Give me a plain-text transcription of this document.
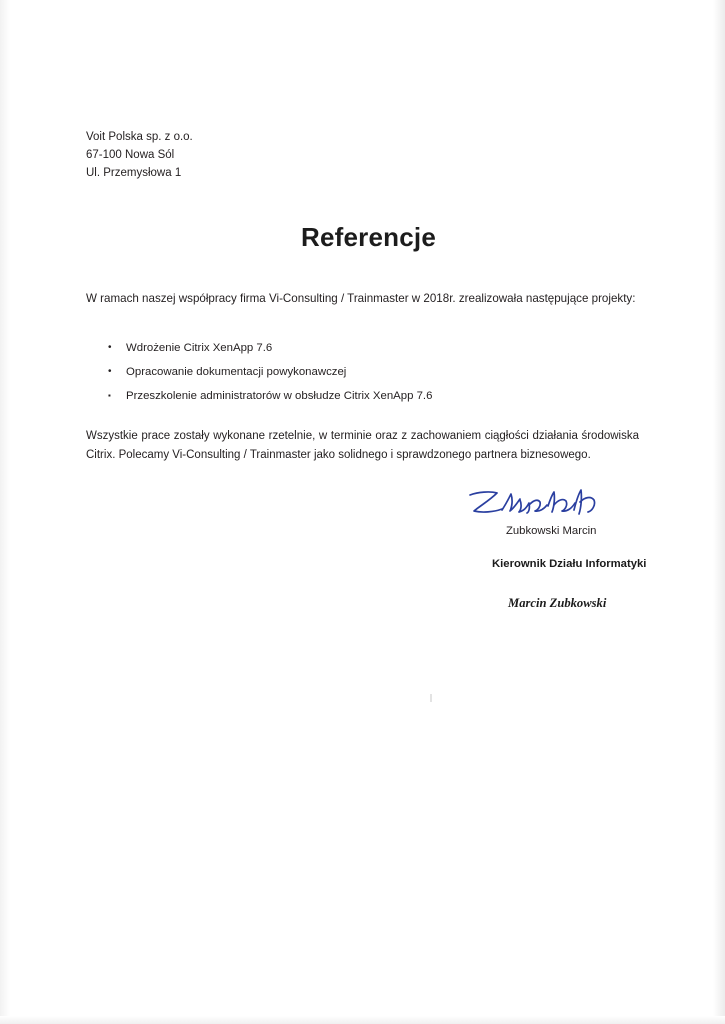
Voit Polska sp. z o.o.
67-100 Nowa Sól
Ul. Przemysłowa 1
Referencje
W ramach naszej współpracy firma Vi-Consulting / Trainmaster w 2018r. zrealizowała następujące projekty:
• Wdrożenie Citrix XenApp 7.6
• Opracowanie dokumentacji powykonawczej
▪ Przeszkolenie administratorów w obsłudze Citrix XenApp 7.6
Wszystkie prace zostały wykonane rzetelnie, w terminie oraz z zachowaniem ciągłości działania środowiska Citrix. Polecamy Vi-Consulting / Trainmaster jako solidnego i sprawdzonego partnera biznesowego.
Zubkowski Marcin
Kierownik Działu Informatyki
Marcin Zubkowski
